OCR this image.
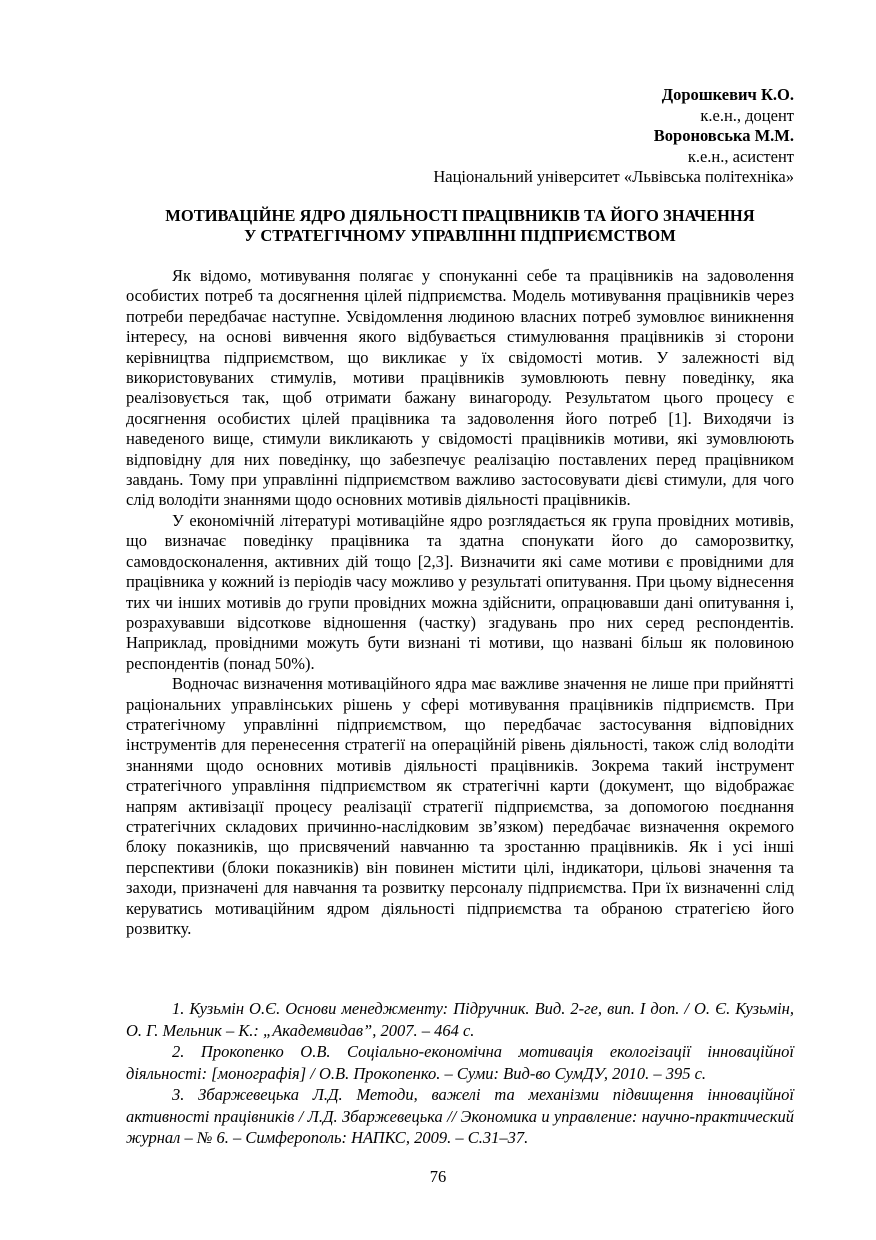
Дорошкевич К.О.
к.е.н., доцент
Вороновська М.М.
к.е.н., асистент
Національний університет «Львівська політехніка»
МОТИВАЦІЙНЕ ЯДРО ДІЯЛЬНОСТІ ПРАЦІВНИКІВ ТА ЙОГО ЗНАЧЕННЯ
У СТРАТЕГІЧНОМУ УПРАВЛІННІ ПІДПРИЄМСТВОМ

Як відомо, мотивування полягає у спонуканні себе та працівників на задоволення особистих потреб та досягнення цілей підприємства. Модель мотивування працівників через потреби передбачає наступне. Усвідомлення людиною власних потреб зумовлює виникнення інтересу, на основі вивчення якого відбувається стимулювання працівників зі сторони керівництва підприємством, що викликає у їх свідомості мотив. У залежності від використовуваних стимулів, мотиви працівників зумовлюють певну поведінку, яка реалізовується так, щоб отримати бажану винагороду. Результатом цього процесу є досягнення особистих цілей працівника та задоволення його потреб [1]. Виходячи із наведеного вище, стимули викликають у свідомості працівників мотиви, які зумовлюють відповідну для них поведінку, що забезпечує реалізацію поставлених перед працівником завдань. Тому при управлінні підприємством важливо застосовувати дієві стимули, для чого слід володіти знаннями щодо основних мотивів діяльності працівників.

У економічній літературі мотиваційне ядро розглядається як група провідних мотивів, що визначає поведінку працівника та здатна спонукати його до саморозвитку, самовдосконалення, активних дій тощо [2,3]. Визначити які саме мотиви є провідними для працівника у кожний із періодів часу можливо у результаті опитування. При цьому віднесення тих чи інших мотивів до групи провідних можна здійснити, опрацювавши дані опитування і, розрахувавши відсоткове відношення (частку) згадувань про них серед респондентів. Наприклад, провідними можуть бути визнані ті мотиви, що названі більш як половиною респондентів (понад 50%).

Водночас визначення мотиваційного ядра має важливе значення не лише при прийнятті раціональних управлінських рішень у сфері мотивування працівників підприємств. При стратегічному управлінні підприємством, що передбачає застосування відповідних інструментів для перенесення стратегії на операційній рівень діяльності, також слід володіти знаннями щодо основних мотивів діяльності працівників. Зокрема такий інструмент стратегічного управління підприємством як стратегічні карти (документ, що відображає напрям активізації процесу реалізації стратегії підприємства, за допомогою поєднання стратегічних складових причинно-наслідковим зв’язком) передбачає визначення окремого блоку показників, що присвячений навчанню та зростанню працівників. Як і усі інші перспективи (блоки показників) він повинен містити цілі, індикатори, цільові значення та заходи, призначені для навчання та розвитку персоналу підприємства. При їх визначенні слід керуватись мотиваційним ядром діяльності підприємства та обраною стратегією його розвитку.

1. Кузьмін О.Є. Основи менеджменту: Підручник. Вид. 2-ге, вип. І доп. / О. Є. Кузьмін, О. Г. Мельник – К.: „Академвидав”, 2007. – 464 с.

2. Прокопенко О.В. Соціально-економічна мотивація екологізації інноваційної діяльності: [монографія] / О.В. Прокопенко. – Суми: Вид-во СумДУ, 2010. – 395 с.

3. Збаржевецька Л.Д. Методи, важелі та механізми підвищення інноваційної активності працівників / Л.Д. Збаржевецька // Экономика и управление: научно-практический журнал – № 6. – Симферополь: НАПКС, 2009. – С.31–37.

76
